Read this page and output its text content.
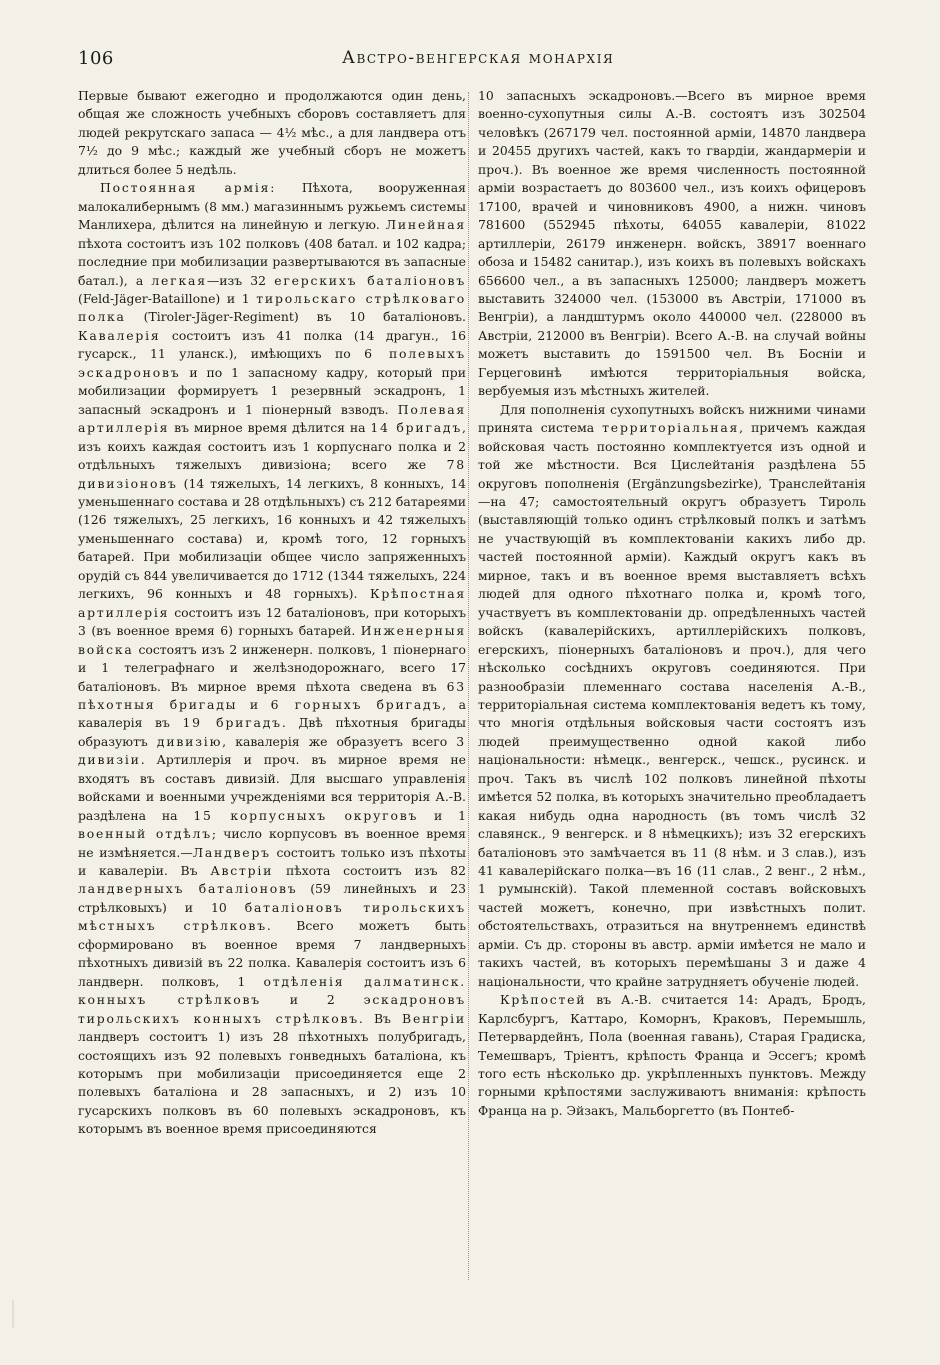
106	Австро-венгерская монархія

Первые бывают ежегодно и продолжаются один день, общая же сложность учебныхъ сборовъ составляетъ для людей рекрутскаго запаса — 4½ мѣс., а для ландвера отъ 7½ до 9 мѣс.; каждый же учебный сборъ не можетъ длиться более 5 недѣль.

Постоянная армія: Пѣхота, вооруженная малокалибернымъ (8 мм.) магазиннымъ ружьемъ системы Манлихера, дѣлится на линейную и легкую. Линейная пѣхота состоитъ изъ 102 полковъ (408 батал. и 102 кадра; последние при мобилизации развертываются въ запасные батал.), а легкая—изъ 32 егерскихъ баталіоновъ (Feld-Jäger-Bataillone) и 1 тирольскаго стрѣлковаго полка (Tiroler-Jäger-Regiment) въ 10 баталіоновъ. Кавалерія состоитъ изъ 41 полка (14 драгун., 16 гусарск., 11 уланск.), имѣющихъ по 6 полевыхъ эскадроновъ и по 1 запасному кадру, который при мобилизации формируетъ 1 резервный эскадронъ, 1 запасный эскадронъ и 1 піонерный взводъ. Полевая артиллерія въ мирное время дѣлится на 14 бригадъ, изъ коихъ каждая состоитъ изъ 1 корпуснаго полка и 2 отдѣльныхъ тяжелыхъ дивизіона; всего же 78 дивизіоновъ (14 тяжелыхъ, 14 легкихъ, 8 конныхъ, 14 уменьшеннаго состава и 28 отдѣльныхъ) съ 212 батареями (126 тяжелыхъ, 25 легкихъ, 16 конныхъ и 42 тяжелыхъ уменьшеннаго состава) и, кромѣ того, 12 горныхъ батарей. При мобилизаціи общее число запряженныхъ орудій съ 844 увеличивается до 1712 (1344 тяжелыхъ, 224 легкихъ, 96 конныхъ и 48 горныхъ). Крѣпостная артиллерія состоитъ изъ 12 баталіоновъ, при которыхъ 3 (въ военное время 6) горныхъ батарей. Инженерныя войска состоятъ изъ 2 инженерн. полковъ, 1 піонернаго и 1 телеграфнаго и желѣзнодорожнаго, всего 17 баталіоновъ. Въ мирное время пѣхота сведена въ 63 пѣхотныя бригады и 6 горныхъ бригадъ, а кавалерія въ 19 бригадъ. Двѣ пѣхотныя бригады образуютъ дивизію, кавалерія же образуетъ всего 3 дивизіи. Артиллерія и проч. въ мирное время не входятъ въ составъ дивизій. Для высшаго управленія войсками и военными учрежденіями вся территорія А.-В. раздѣлена на 15 корпусныхъ округовъ и 1 военный отдѣлъ; число корпусовъ въ военное время не измѣняется.—Ландверъ состоитъ только изъ пѣхоты и кавалеріи. Въ Австріи пѣхота состоитъ изъ 82 ландверныхъ баталіоновъ (59 линейныхъ и 23 стрѣлковыхъ) и 10 баталіоновъ тирольскихъ мѣстныхъ стрѣлковъ. Всего можетъ быть сформировано въ военное время 7 ландверныхъ пѣхотныхъ дивизій въ 22 полка. Кавалерія состоитъ изъ 6 ландверн. полковъ, 1 отдѣленія далматинск. конныхъ стрѣлковъ и 2 эскадроновъ тирольскихъ конныхъ стрѣлковъ. Въ Венгріи ландверъ состоитъ 1) изъ 28 пѣхотныхъ полубригадъ, состоящихъ изъ 92 полевыхъ гонведныхъ баталіона, къ которымъ при мобилизаціи присоединяется еще 2 полевыхъ баталіона и 28 запасныхъ, и 2) изъ 10 гусарскихъ полковъ въ 60 полевыхъ эскадроновъ, къ которымъ въ военное время присоединяются

10 запасныхъ эскадроновъ.—Всего въ мирное время военно-сухопутныя силы А.-В. состоятъ изъ 302504 человѣкъ (267179 чел. постоянной арміи, 14870 ландвера и 20455 другихъ частей, какъ то гвардіи, жандармеріи и проч.). Въ военное же время численность постоянной арміи возрастаетъ до 803600 чел., изъ коихъ офицеровъ 17100, врачей и чиновниковъ 4900, а нижн. чиновъ 781600 (552945 пѣхоты, 64055 кавалеріи, 81022 артиллеріи, 26179 инженерн. войскъ, 38917 военнаго обоза и 15482 санитар.), изъ коихъ въ полевыхъ войскахъ 656600 чел., а въ запасныхъ 125000; ландверъ можетъ выставить 324000 чел. (153000 въ Австріи, 171000 въ Венгріи), а ландштурмъ около 440000 чел. (228000 въ Австріи, 212000 въ Венгріи). Всего А.-В. на случай войны можетъ выставить до 1591500 чел. Въ Босніи и Герцеговинѣ имѣются территоріальныя войска, вербуемыя изъ мѣстныхъ жителей.

Для пополненія сухопутныхъ войскъ нижними чинами принята система территоріальная, причемъ каждая войсковая часть постоянно комплектуется изъ одной и той же мѣстности. Вся Цислейтанія раздѣлена 55 округовъ пополненія (Ergänzungsbezirke), Транслейтанія—на 47; самостоятельный округъ образуетъ Тироль (выставляющій только одинъ стрѣлковый полкъ и затѣмъ не участвующій въ комплектованіи какихъ либо др. частей постоянной арміи). Каждый округъ какъ въ мирное, такъ и въ военное время выставляетъ всѣхъ людей для одного пѣхотнаго полка и, кромѣ того, участвуетъ въ комплектованіи др. опредѣленныхъ частей войскъ (кавалерійскихъ, артиллерійскихъ полковъ, егерскихъ, піонерныхъ баталіоновъ и проч.), для чего нѣсколько сосѣднихъ округовъ соединяются. При разнообразіи племеннаго состава населенія А.-В., территоріальная система комплектованія ведетъ къ тому, что многія отдѣльныя войсковыя части состоятъ изъ людей преимущественно одной какой либо національности: нѣмецк., венгерск., чешск., русинск. и проч. Такъ въ числѣ 102 полковъ линейной пѣхоты имѣется 52 полка, въ которыхъ значительно преобладаетъ какая нибудь одна народность (въ томъ числѣ 32 славянск., 9 венгерск. и 8 нѣмецкихъ); изъ 32 егерскихъ баталіоновъ это замѣчается въ 11 (8 нѣм. и 3 слав.), изъ 41 кавалерійскаго полка—въ 16 (11 слав., 2 венг., 2 нѣм., 1 румынскій). Такой племенной составъ войсковыхъ частей можетъ, конечно, при извѣстныхъ полит. обстоятельствахъ, отразиться на внутреннемъ единствѣ арміи. Съ др. стороны въ австр. арміи имѣется не мало и такихъ частей, въ которыхъ перемѣшаны 3 и даже 4 національности, что крайне затрудняетъ обученіе людей.

Крѣпостей въ А.-В. считается 14: Арадъ, Бродъ, Карлсбургъ, Каттаро, Коморнъ, Краковъ, Перемышль, Петервардейнъ, Пола (военная гавань), Старая Градиска, Темешваръ, Тріентъ, крѣпость Франца и Эссегъ; кромѣ того есть нѣсколько др. укрѣпленныхъ пунктовъ. Между горными крѣпостями заслуживаютъ вниманія: крѣпость Франца на р. Эйзакъ, Мальборгетто (въ Понтеб-
